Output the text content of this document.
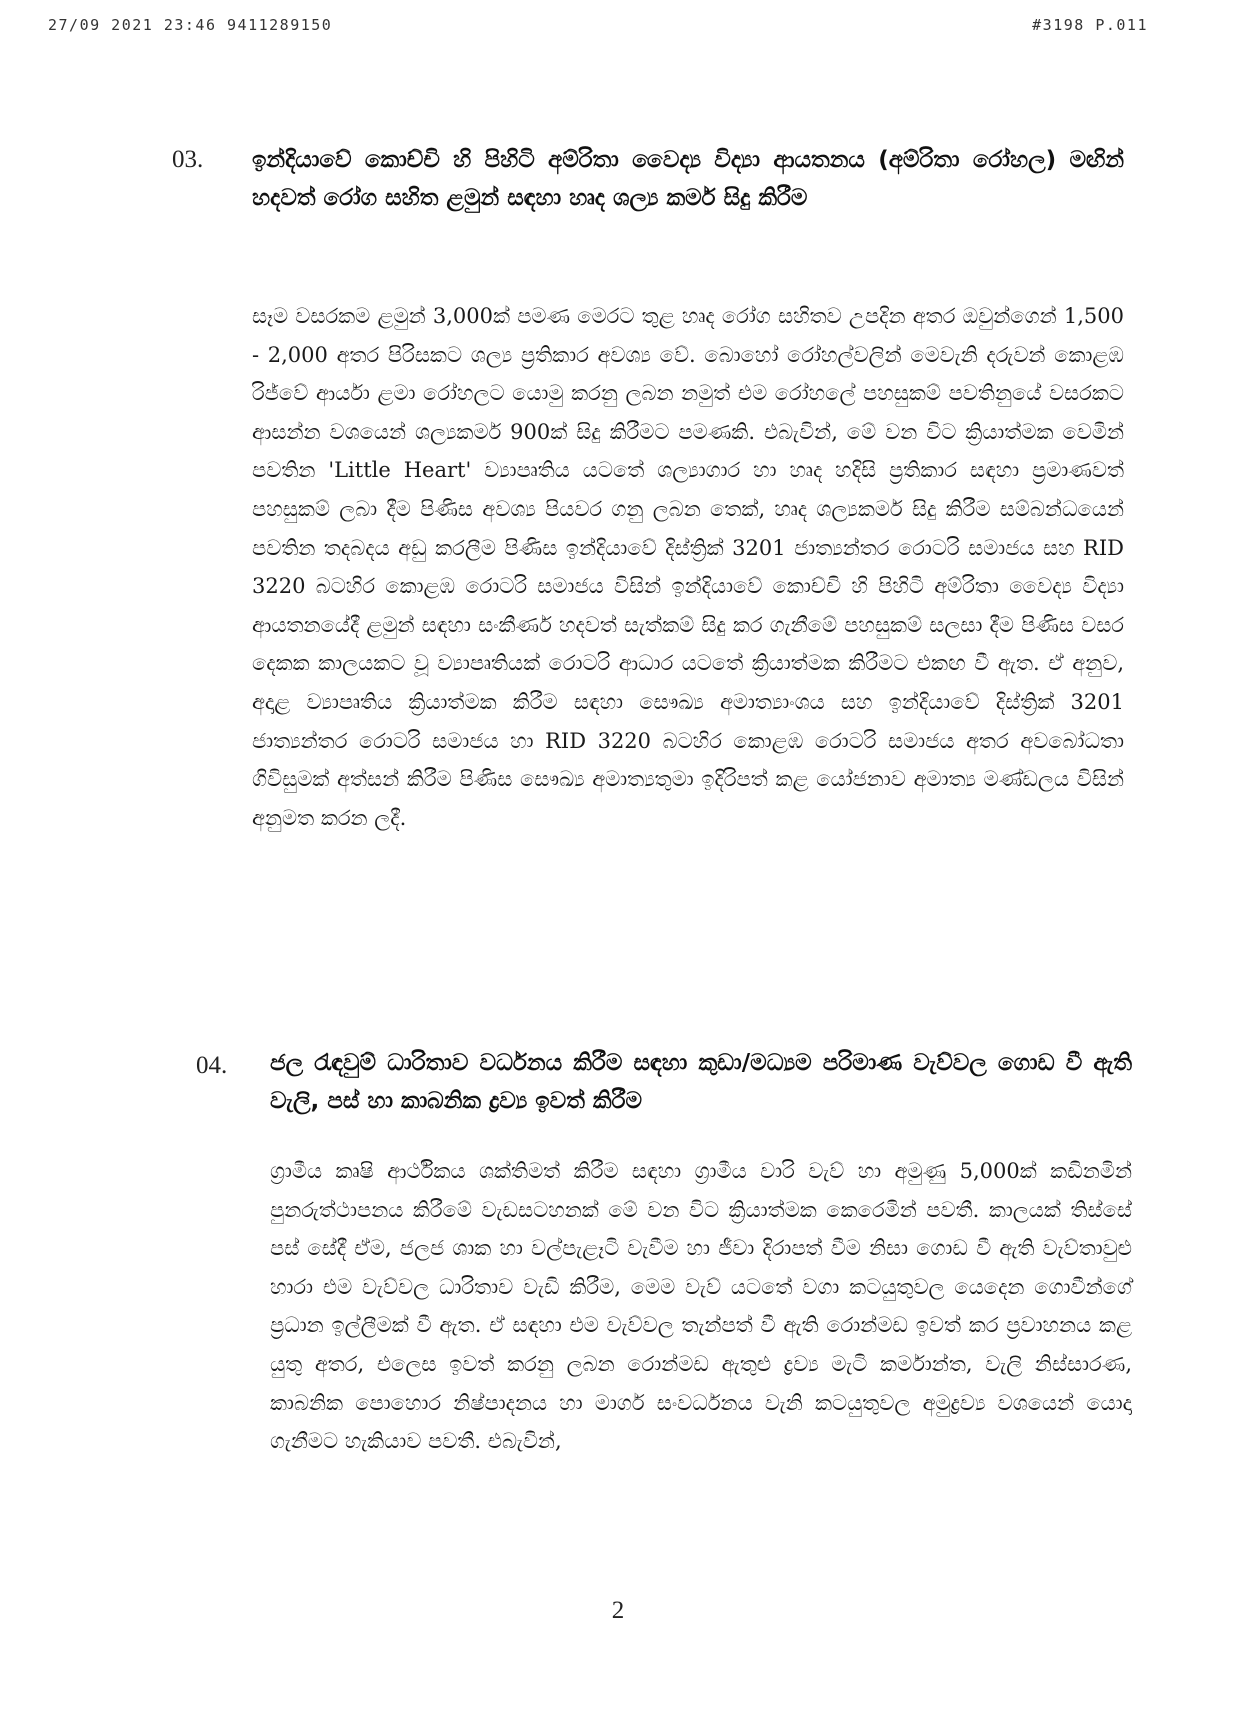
27/09 2021 23:46 9411289150	#3198 P.011
03. ඉන්දියාවේ කොච්චි හි පිහිටි අම්රිතා වෛද්‍ය විද්‍යා ආයතනය (අම්රිතා රෝහල) මඟින් හදවත් රෝග සහිත ළමුන් සඳහා හෘද ශල්‍ය කර්ම සිදු කිරීම
සෑම වසරකම ළමුන් 3,000ක් පමණ මෙරට තුළ හෘද රෝග සහිතව උපදින අතර ඔවුන්ගෙන් 1,500 - 2,000 අතර පිරිසකට ශල්‍ය ප්‍රතිකාර අවශ්‍ය වේ. බොහෝ රෝහල්වලින් මෙවැනි දරුවන් කොළඹ රිජ්වේ ආර්යා ළමා රෝහලට යොමු කරනු ලබන නමුත් එම රෝහලේ පහසුකම් පවතිනුයේ වසරකට ආසන්න වශයෙන් ශල්‍යකර්ම 900ක් සිදු කිරීමට පමණකි. එබැවින්, මේ වන විට ක්‍රියාත්මක වෙමින් පවතින 'Little Heart' ව්‍යාපෘතිය යටතේ ශල්‍යාගාර හා හෘද හදිසි ප්‍රතිකාර සඳහා ප්‍රමාණවත් පහසුකම් ලබා දීම පිණිස අවශ්‍ය පියවර ගනු ලබන තෙක්, හෘද ශල්‍යකර්ම සිදු කිරීම සම්බන්ධයෙන් පවතින තදබදය අඩු කරලීම පිණිස ඉන්දියාවේ දිස්ත්‍රික් 3201 ජාත්‍යන්තර රොටරි සමාජය සහ RID 3220 බටහිර කොළඹ රොටරි සමාජය විසින් ඉන්දියාවේ කොච්චි හි පිහිටි අම්රිතා වෛද්‍ය විද්‍යා ආයතනයේදී ළමුන් සඳහා සංකීර්ණ හදවත් සැත්කම් සිදු කර ගැනීමේ පහසුකම් සලසා දීම පිණිස වසර දෙකක කාලයකට වූ ව්‍යාපෘතියක් රොටරි ආධාර යටතේ ක්‍රියාත්මක කිරීමට එකඟ වී ඇත. ඒ අනුව, අදාළ ව්‍යාපෘතිය ක්‍රියාත්මක කිරීම සඳහා සෞඛ්‍ය අමාත්‍යාංශය සහ ඉන්දියාවේ දිස්ත්‍රික් 3201 ජාත්‍යන්තර රොටරි සමාජය හා RID 3220 බටහිර කොළඹ රොටරි සමාජය අතර අවබෝධතා ගිවිසුමක් අත්සන් කිරීම පිණිස සෞඛ්‍ය අමාත්‍යතුමා ඉදිරිපත් කළ යෝජනාව අමාත්‍ය මණ්ඩලය විසින් අනුමත කරන ලදී.
04. ජල රැඳවුම් ධාරිතාව වර්ධනය කිරීම සඳහා කුඩා/මධ්‍යම පරිමාණ වැව්වල ගොඩ වී ඇති වැලි, පස් හා කාබනික ද්‍රව්‍ය ඉවත් කිරීම
ග්‍රාමීය කෘෂි ආර්ථිකය ශක්තිමත් කිරීම සඳහා ග්‍රාමීය වාරි වැව් හා අමුණු 5,000ක් කඩිනමින් පුනරුත්ථාපනය කිරීමේ වැඩසටහනක් මේ වන විට ක්‍රියාත්මක කෙරෙමින් පවතී. කාලයක් තිස්සේ පස් සේදී ඒම, ජලජ ශාක හා වල්පැළෑටි වැවීම හා ජීවා දිරාපත් වීම නිසා ගොඩ වී ඇති වැව්තාවුළු හාරා එම වැව්වල ධාරිතාව වැඩි කිරීම, මෙම වැව් යටතේ වගා කටයුතුවල යෙදෙන ගොවීන්ගේ ප්‍රධාන ඉල්ලීමක් වී ඇත. ඒ සඳහා එම වැව්වල තැන්පත් වී ඇති රොන්මඩ ඉවත් කර ප්‍රවාහනය කළ යුතු අතර, එලෙස ඉවත් කරනු ලබන රොන්මඩ ඇතුළු ද්‍රව්‍ය මැටි කර්මාන්ත, වැලි නිස්සාරණ, කාබනික පොහොර නිෂ්පාදනය හා මාර්ග සංවර්ධනය වැනි කටයුතුවල අමුද්‍රව්‍ය වශයෙන් යොදා ගැනීමට හැකියාව පවතී. එබැවින්,
2
